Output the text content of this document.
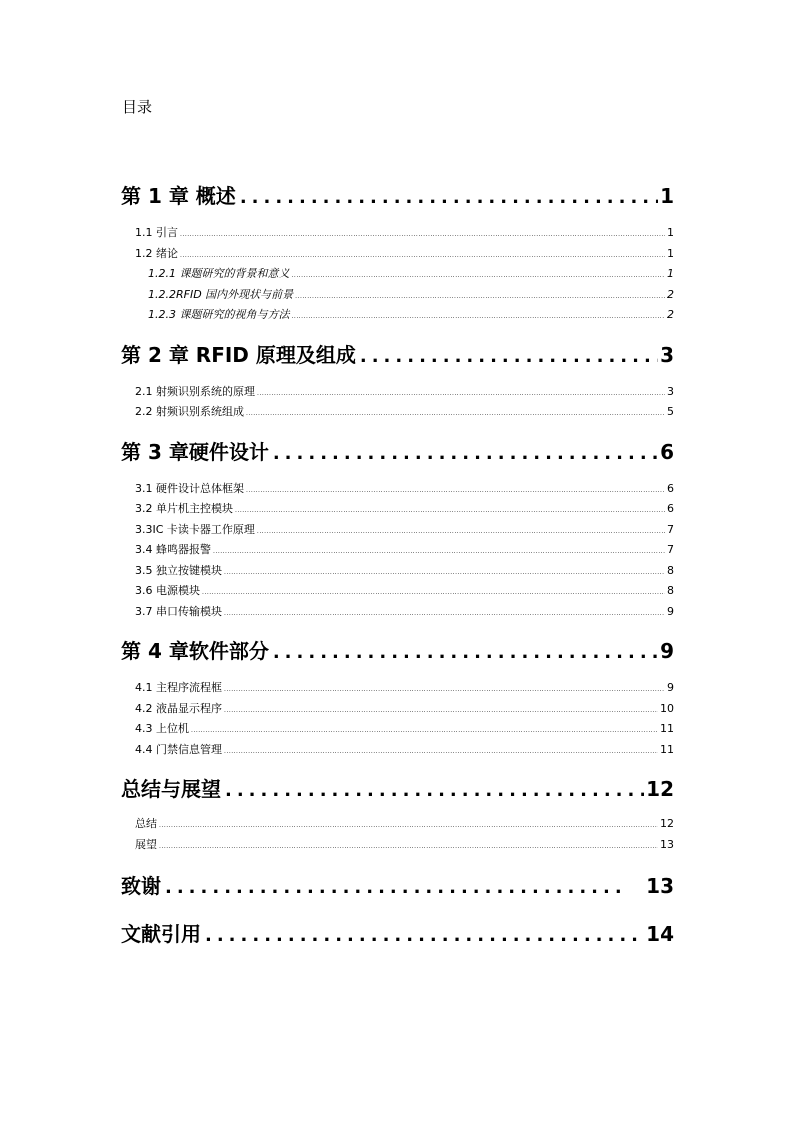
目录
第 1 章 概述 .....	1
1.1 引言 .....	1
1.2 绪论 .....	1
1.2.1 课题研究的背景和意义 .....	1
1.2.2RFID 国内外现状与前景 .....	2
1.2.3 课题研究的视角与方法 .....	2
第 2 章 RFID 原理及组成 .....	3
2.1 射频识别系统的原理 .....	3
2.2 射频识别系统组成 .....	5
第 3 章硬件设计 .....	6
3.1 硬件设计总体框架 .....	6
3.2 单片机主控模块 .....	6
3.3IC 卡读卡器工作原理 .....	7
3.4 蜂鸣器报警 .....	7
3.5 独立按键模块 .....	8
3.6 电源模块 .....	8
3.7 串口传输模块 .....	9
第 4 章软件部分 .....	9
4.1 主程序流程框 .....	9
4.2 液晶显示程序 .....	10
4.3 上位机 .....	11
4.4 门禁信息管理 .....	11
总结与展望 .....	12
总结 .....	12
展望 .....	13
致谢 .....	13
文献引用 .....	14
